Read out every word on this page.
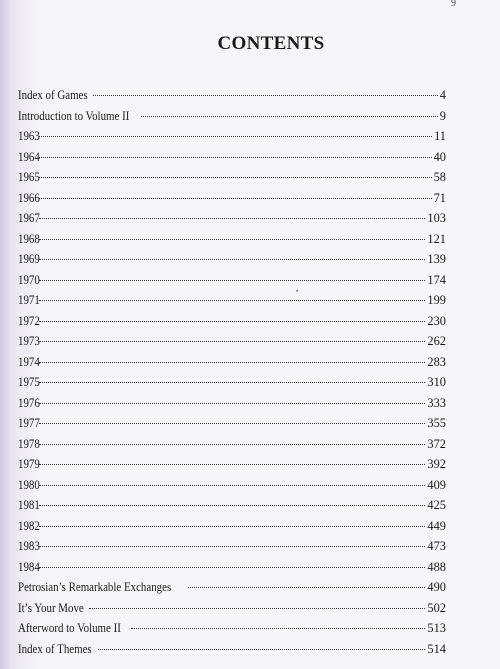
9
CONTENTS
▪
Index of Games	4
Introduction to Volume II	9
1963	11
1964	40
1965	58
1966	71
1967	103
1968	121
1969	139
1970	174
1971	199
1972	230
1973	262
1974	283
1975	310
1976	333
1977	355
1978	372
1979	392
1980	409
1981	425
1982	449
1983	473
1984	488
Petrosian’s Remarkable Exchanges	490
It’s Your Move	502
Afterword to Volume II	513
Index of Themes	514
